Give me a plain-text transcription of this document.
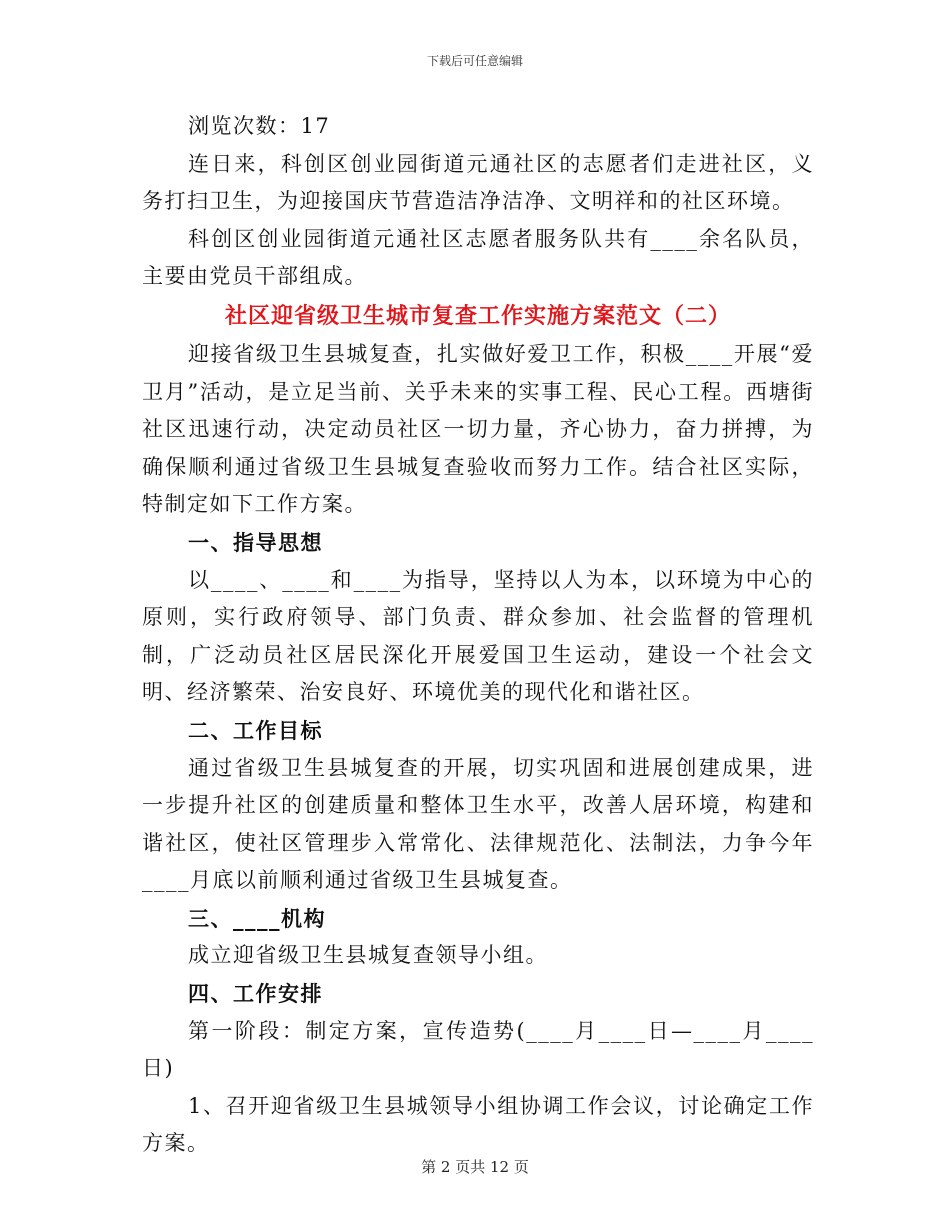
下载后可任意编辑

浏览次数：17

连日来，科创区创业园街道元通社区的志愿者们走进社区，义务打扫卫生，为迎接国庆节营造洁净洁净、文明祥和的社区环境。

科创区创业园街道元通社区志愿者服务队共有____余名队员，主要由党员干部组成。

社区迎省级卫生城市复查工作实施方案范文（二）

迎接省级卫生县城复查，扎实做好爱卫工作，积极____开展“爱卫月”活动，是立足当前、关乎未来的实事工程、民心工程。西塘街社区迅速行动，决定动员社区一切力量，齐心协力，奋力拼搏，为确保顺利通过省级卫生县城复查验收而努力工作。结合社区实际，特制定如下工作方案。

一、指导思想

以____、____和____为指导，坚持以人为本，以环境为中心的原则，实行政府领导、部门负责、群众参加、社会监督的管理机制，广泛动员社区居民深化开展爱国卫生运动，建设一个社会文明、经济繁荣、治安良好、环境优美的现代化和谐社区。

二、工作目标

通过省级卫生县城复查的开展，切实巩固和进展创建成果，进一步提升社区的创建质量和整体卫生水平，改善人居环境，构建和谐社区，使社区管理步入常常化、法律规范化、法制法，力争今年____月底以前顺利通过省级卫生县城复查。

三、____机构

成立迎省级卫生县城复查领导小组。

四、工作安排

第一阶段：制定方案，宣传造势(____月____日—____月____日)

1、召开迎省级卫生县城领导小组协调工作会议，讨论确定工作方案。

第 2 页共 12 页
